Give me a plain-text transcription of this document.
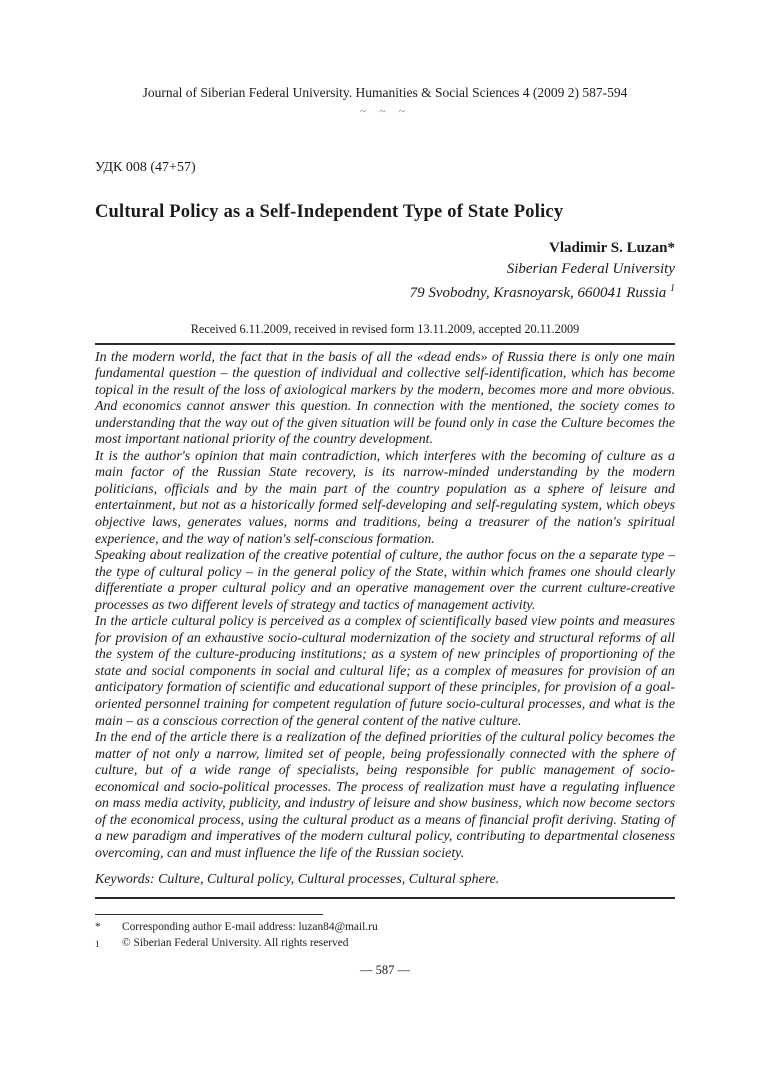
Journal of Siberian Federal University. Humanities & Social Sciences 4 (2009 2) 587-594
~ ~ ~
УДК 008 (47+57)
Cultural Policy as a Self-Independent Type of State Policy
Vladimir S. Luzan*
Siberian Federal University
79 Svobodny, Krasnoyarsk, 660041 Russia $^1$
Received 6.11.2009, received in revised form 13.11.2009, accepted 20.11.2009

In the modern world, the fact that in the basis of all the «dead ends» of Russia there is only one main fundamental question – the question of individual and collective self-identification, which has become topical in the result of the loss of axiological markers by the modern, becomes more and more obvious. And economics cannot answer this question. In connection with the mentioned, the society comes to understanding that the way out of the given situation will be found only in case the Culture becomes the most important national priority of the country development.

It is the author's opinion that main contradiction, which interferes with the becoming of culture as a main factor of the Russian State recovery, is its narrow-minded understanding by the modern politicians, officials and by the main part of the country population as a sphere of leisure and entertainment, but not as a historically formed self-developing and self-regulating system, which obeys objective laws, generates values, norms and traditions, being a treasurer of the nation's spiritual experience, and the way of nation's self-conscious formation.

Speaking about realization of the creative potential of culture, the author focus on the a separate type – the type of cultural policy – in the general policy of the State, within which frames one should clearly differentiate a proper cultural policy and an operative management over the current culture-creative processes as two different levels of strategy and tactics of management activity.

In the article cultural policy is perceived as a complex of scientifically based view points and measures for provision of an exhaustive socio-cultural modernization of the society and structural reforms of all the system of the culture-producing institutions; as a system of new principles of proportioning of the state and social components in social and cultural life; as a complex of measures for provision of an anticipatory formation of scientific and educational support of these principles, for provision of a goal-oriented personnel training for competent regulation of future socio-cultural processes, and what is the main – as a conscious correction of the general content of the native culture.

In the end of the article there is a realization of the defined priorities of the cultural policy becomes the matter of not only a narrow, limited set of people, being professionally connected with the sphere of culture, but of a wide range of specialists, being responsible for public management of socio-economical and socio-political processes. The process of realization must have a regulating influence on mass media activity, publicity, and industry of leisure and show business, which now become sectors of the economical process, using the cultural product as a means of financial profit deriving. Stating of a new paradigm and imperatives of the modern cultural policy, contributing to departmental closeness overcoming, can and must influence the life of the Russian society.

Keywords: Culture, Cultural policy, Cultural processes, Cultural sphere.
*	Corresponding author E-mail address: luzan84@mail.ru
1	© Siberian Federal University. All rights reserved
— 587 —
